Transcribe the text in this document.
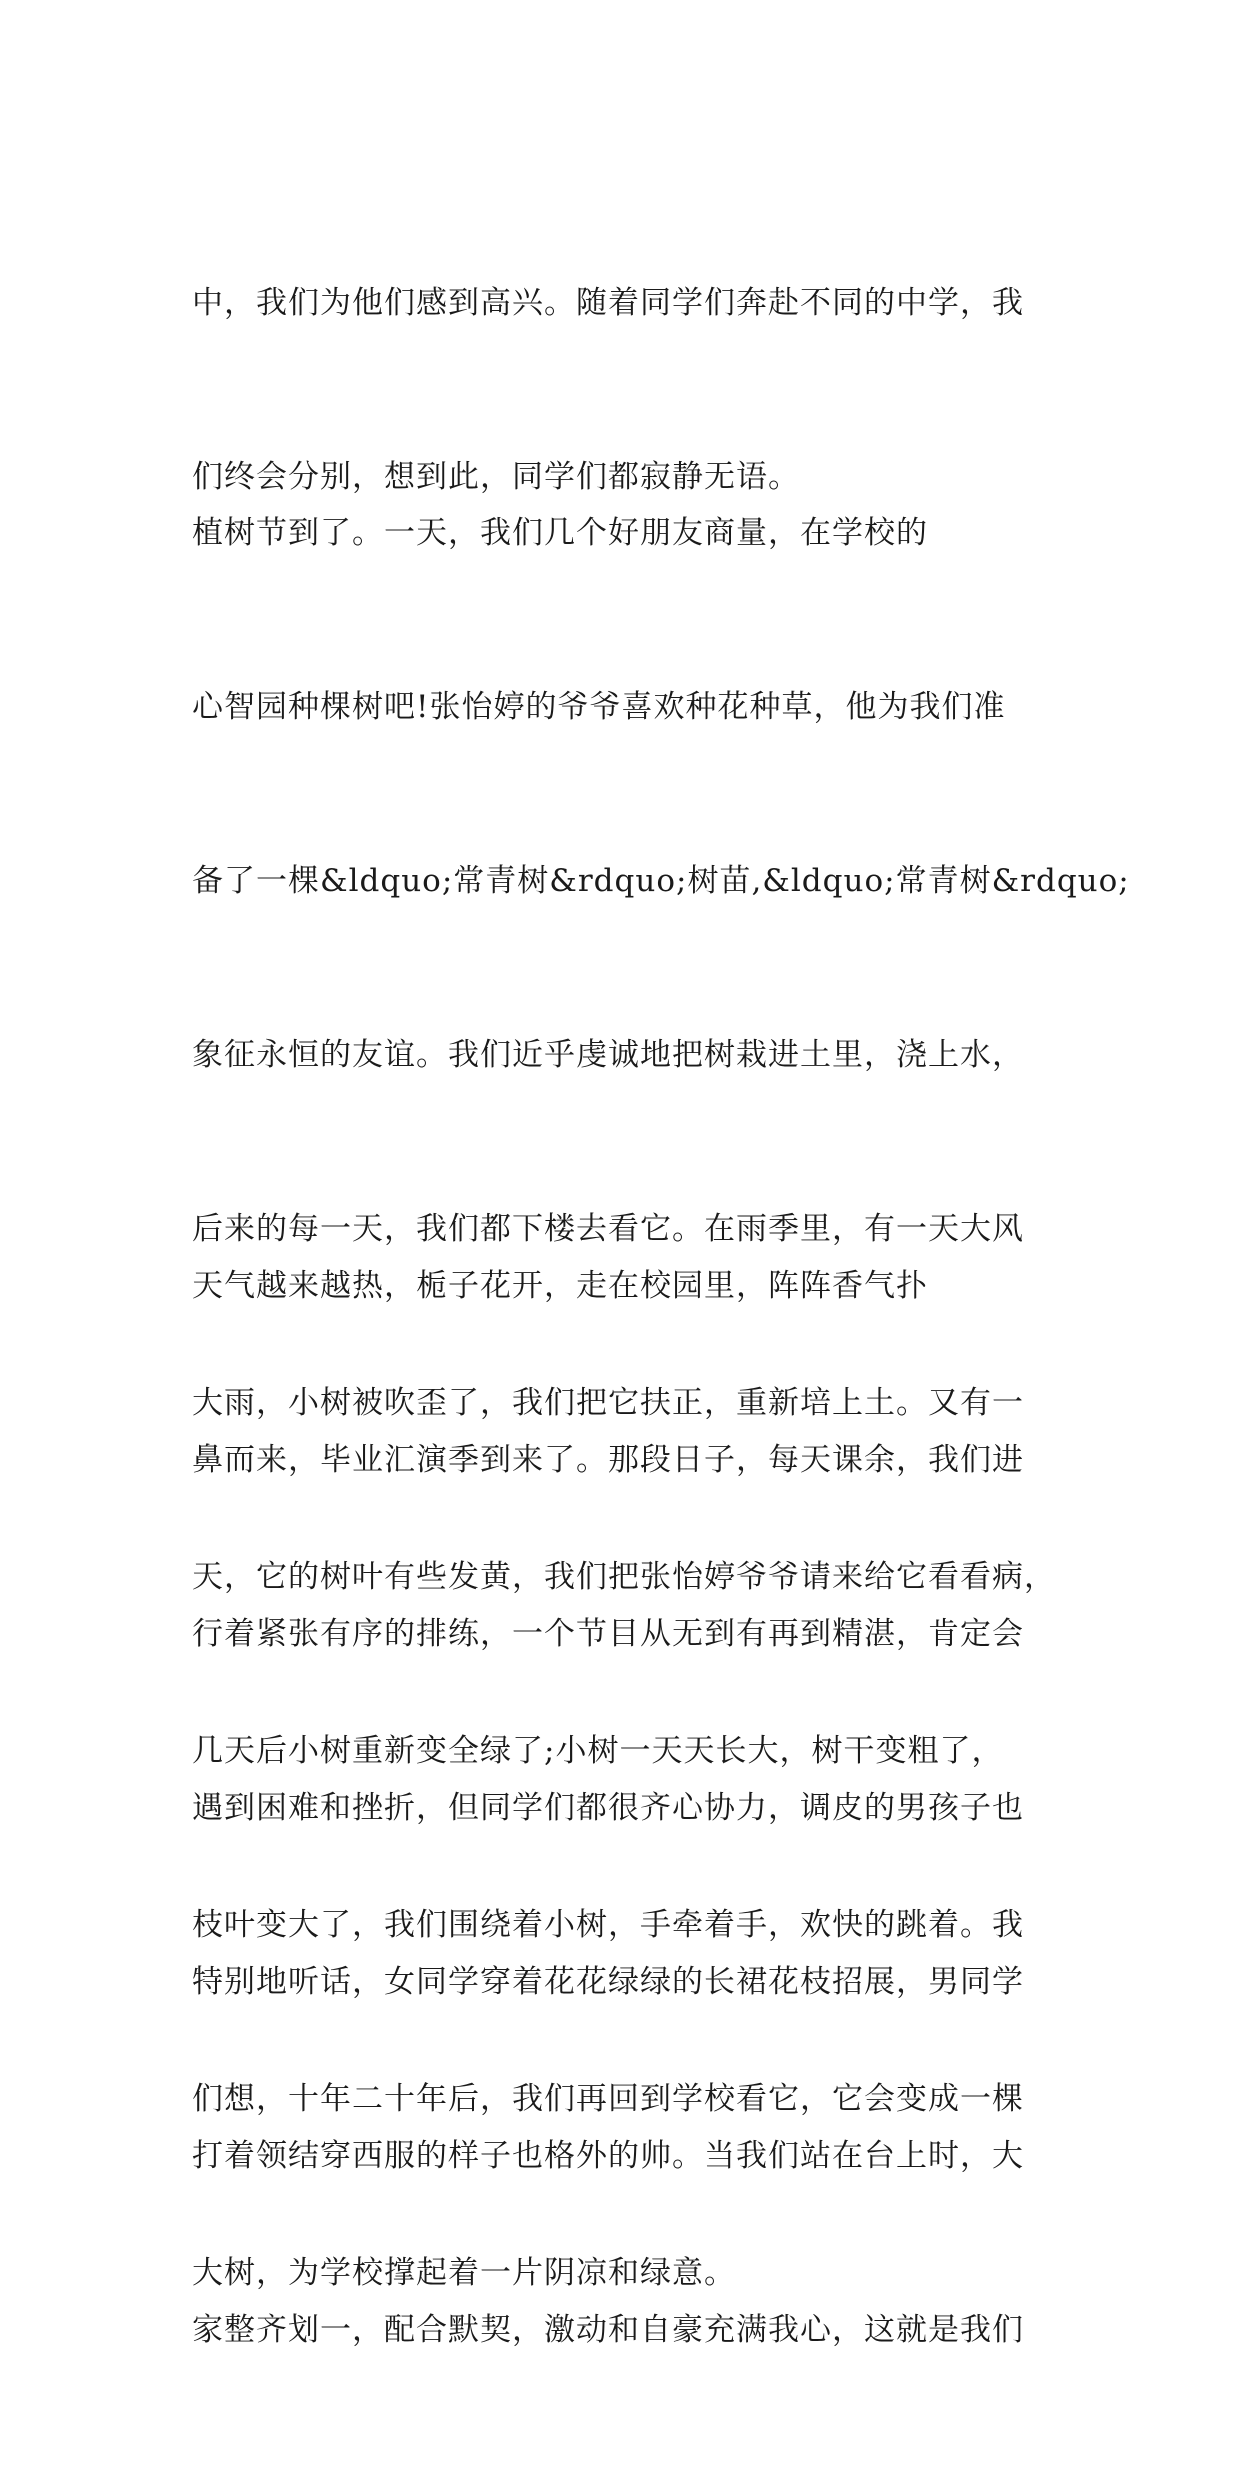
中，我们为他们感到高兴。随着同学们奔赴不同的中学，我

们终会分别，想到此，同学们都寂静无语。

植树节到了。一天，我们几个好朋友商量，在学校的

心智园种棵树吧!张怡婷的爷爷喜欢种花种草，他为我们准

备了一棵&ldquo;常青树&rdquo;树苗,&ldquo;常青树&rdquo;

象征永恒的友谊。我们近乎虔诚地把树栽进土里，浇上水，

后来的每一天，我们都下楼去看它。在雨季里，有一天大风

大雨，小树被吹歪了，我们把它扶正，重新培上土。又有一

天，它的树叶有些发黄，我们把张怡婷爷爷请来给它看看病，

几天后小树重新变全绿了;小树一天天长大，树干变粗了，

枝叶变大了，我们围绕着小树，手牵着手，欢快的跳着。我

们想，十年二十年后，我们再回到学校看它，它会变成一棵

大树，为学校撑起着一片阴凉和绿意。

天气越来越热，栀子花开，走在校园里，阵阵香气扑

鼻而来，毕业汇演季到来了。那段日子，每天课余，我们进

行着紧张有序的排练，一个节目从无到有再到精湛，肯定会

遇到困难和挫折，但同学们都很齐心协力，调皮的男孩子也

特别地听话，女同学穿着花花绿绿的长裙花枝招展，男同学

打着领结穿西服的样子也格外的帅。当我们站在台上时，大

家整齐划一，配合默契，激动和自豪充满我心，这就是我们
